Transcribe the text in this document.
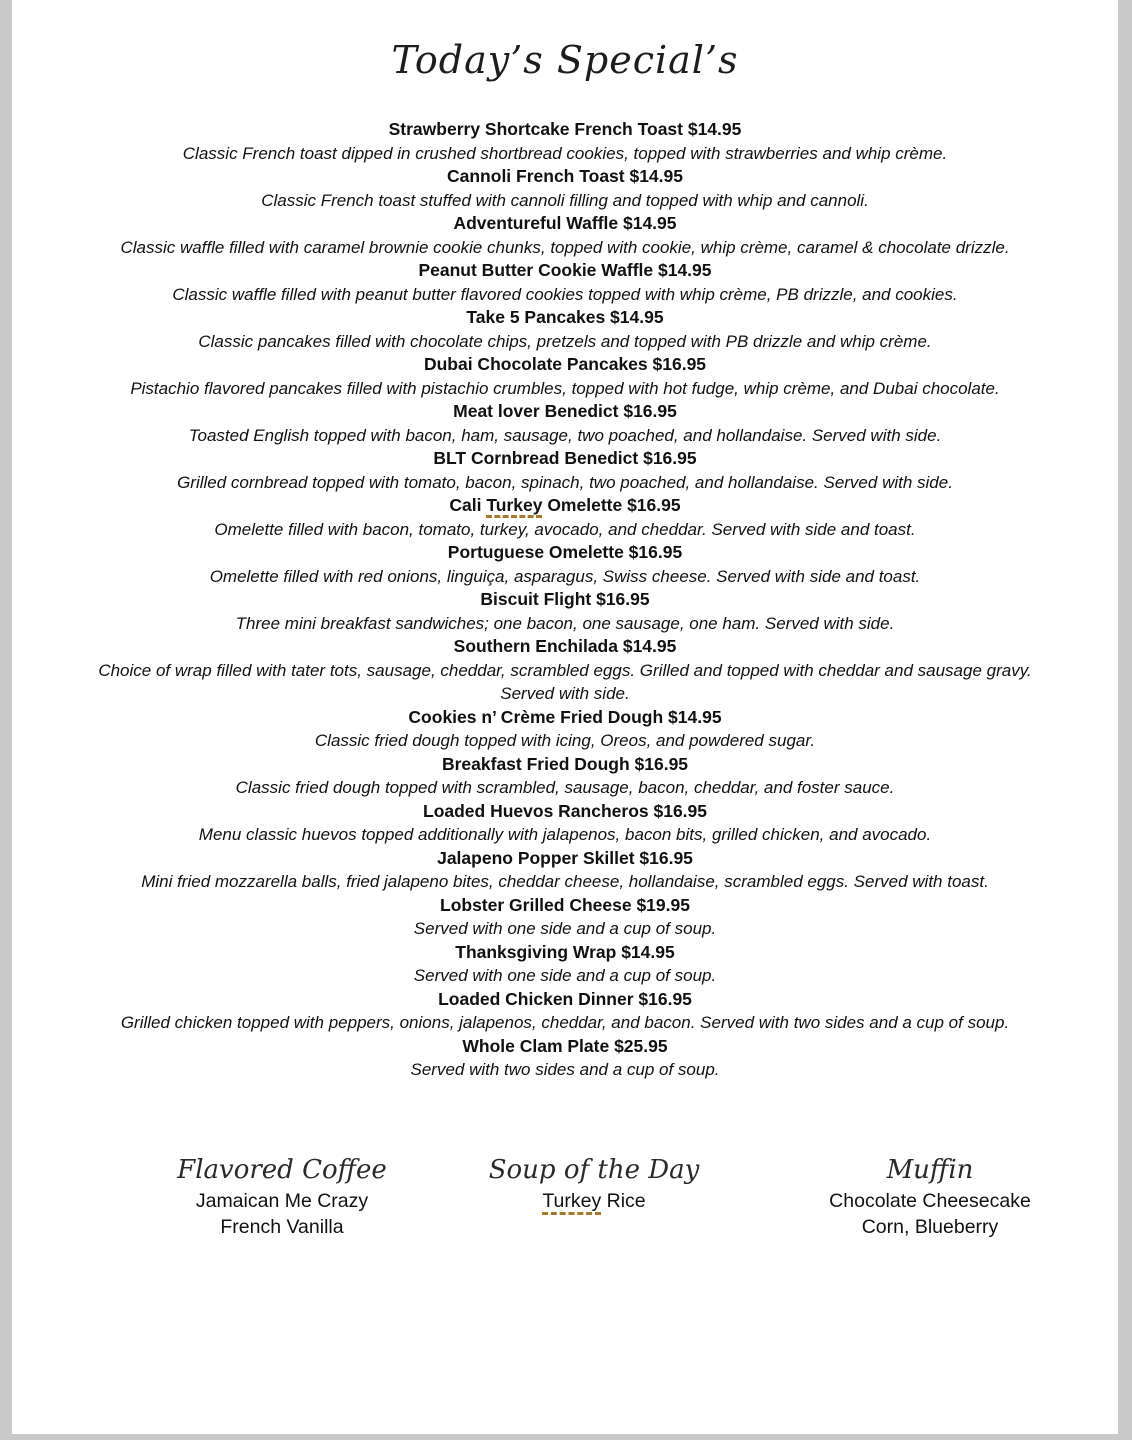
Today’s Special’s
Strawberry Shortcake French Toast $14.95
Classic French toast dipped in crushed shortbread cookies, topped with strawberries and whip crème.
Cannoli French Toast $14.95
Classic French toast stuffed with cannoli filling and topped with whip and cannoli.
Adventureful Waffle $14.95
Classic waffle filled with caramel brownie cookie chunks, topped with cookie, whip crème, caramel & chocolate drizzle.
Peanut Butter Cookie Waffle $14.95
Classic waffle filled with peanut butter flavored cookies topped with whip crème, PB drizzle, and cookies.
Take 5 Pancakes $14.95
Classic pancakes filled with chocolate chips, pretzels and topped with PB drizzle and whip crème.
Dubai Chocolate Pancakes $16.95
Pistachio flavored pancakes filled with pistachio crumbles, topped with hot fudge, whip crème, and Dubai chocolate.
Meat lover Benedict $16.95
Toasted English topped with bacon, ham, sausage, two poached, and hollandaise. Served with side.
BLT Cornbread Benedict $16.95
Grilled cornbread topped with tomato, bacon, spinach, two poached, and hollandaise. Served with side.
Cali Turkey Omelette $16.95
Omelette filled with bacon, tomato, turkey, avocado, and cheddar. Served with side and toast.
Portuguese Omelette $16.95
Omelette filled with red onions, linguiça, asparagus, Swiss cheese. Served with side and toast.
Biscuit Flight $16.95
Three mini breakfast sandwiches; one bacon, one sausage, one ham. Served with side.
Southern Enchilada $14.95
Choice of wrap filled with tater tots, sausage, cheddar, scrambled eggs. Grilled and topped with cheddar and sausage gravy.
Served with side.
Cookies n’ Crème Fried Dough $14.95
Classic fried dough topped with icing, Oreos, and powdered sugar.
Breakfast Fried Dough $16.95
Classic fried dough topped with scrambled, sausage, bacon, cheddar, and foster sauce.
Loaded Huevos Rancheros $16.95
Menu classic huevos topped additionally with jalapenos, bacon bits, grilled chicken, and avocado.
Jalapeno Popper Skillet $16.95
Mini fried mozzarella balls, fried jalapeno bites, cheddar cheese, hollandaise, scrambled eggs. Served with toast.
Lobster Grilled Cheese $19.95
Served with one side and a cup of soup.
Thanksgiving Wrap $14.95
Served with one side and a cup of soup.
Loaded Chicken Dinner $16.95
Grilled chicken topped with peppers, onions, jalapenos, cheddar, and bacon. Served with two sides and a cup of soup.
Whole Clam Plate $25.95
Served with two sides and a cup of soup.
Flavored Coffee
Jamaican Me Crazy
French Vanilla
Soup of the Day
Turkey Rice
Muffin
Chocolate Cheesecake
Corn, Blueberry
